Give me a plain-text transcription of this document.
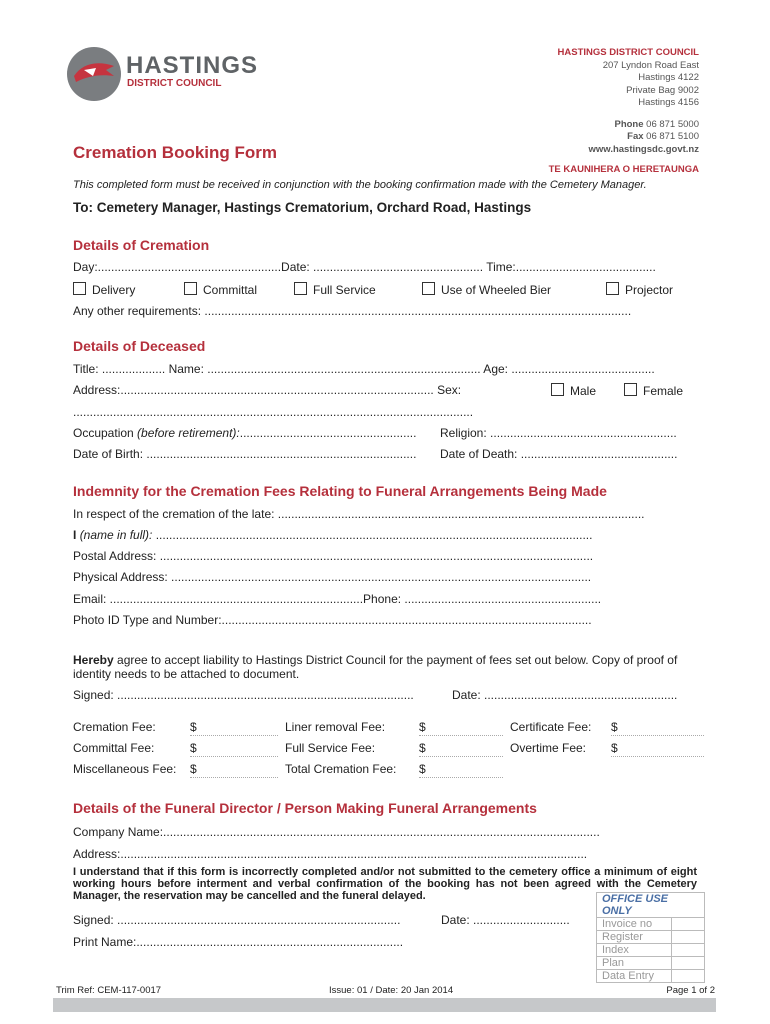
HASTINGS
DISTRICT COUNCIL
HASTINGS DISTRICT COUNCIL
207 Lyndon Road East
Hastings 4122
Private Bag 9002
Hastings 4156
Phone 06 871 5000
Fax 06 871 5100
www.hastingsdc.govt.nz
TE KAUNIHERA O HERETAUNGA
Cremation Booking Form
This completed form must be received in conjunction with the booking confirmation made with the Cemetery Manager.
To: Cemetery Manager, Hastings Crematorium, Orchard Road, Hastings
Details of Cremation
Day:.......................................................Date: ................................................... Time:..........................................
Delivery	Committal	Full Service	Use of Wheeled Bier	Projector
Any other requirements: ................................................................................................................................
Details of Deceased
Title: ................... Name: .................................................................................. Age: ...........................................
Address:.............................................................................................. Sex:	Male	Female
........................................................................................................................
Occupation (before retirement):..................................................... Religion: ........................................................
Date of Birth: ................................................................................. Date of Death: ...............................................
Indemnity for the Cremation Fees Relating to Funeral Arrangements Being Made
In respect of the cremation of the late: ..............................................................................................................
I (name in full): ...................................................................................................................................
Postal Address: ..................................................................................................................................
Physical Address: ..............................................................................................................................
Email: ............................................................................Phone: ...........................................................
Photo ID Type and Number:...............................................................................................................
Hereby agree to accept liability to Hastings District Council for the payment of fees set out below. Copy of proof of identity needs to be attached to document.
Signed: .........................................................................................	Date: ..........................................................
Cremation Fee:	$	Liner removal Fee:	$	Certificate Fee: $
Committal Fee:	$	Full Service Fee:	$	Overtime Fee: $
Miscellaneous Fee: $	Total Cremation Fee: $
Details of the Funeral Director / Person Making Funeral Arrangements
Company Name:...................................................................................................................................
Address:............................................................................................................................................
I understand that if this form is incorrectly completed and/or not submitted to the cemetery office a minimum of eight working hours before interment and verbal confirmation of the booking has not been agreed with the Cemetery Manager, the reservation may be cancelled and the funeral delayed.
Signed: .....................................................................................	Date: .............................
Print Name:................................................................................
OFFICE USE ONLY	
Invoice no	
Register	
Index	
Plan	
Data Entry	
Trim Ref: CEM-117-0017	Issue: 01 / Date: 20 Jan 2014	Page 1 of 2
